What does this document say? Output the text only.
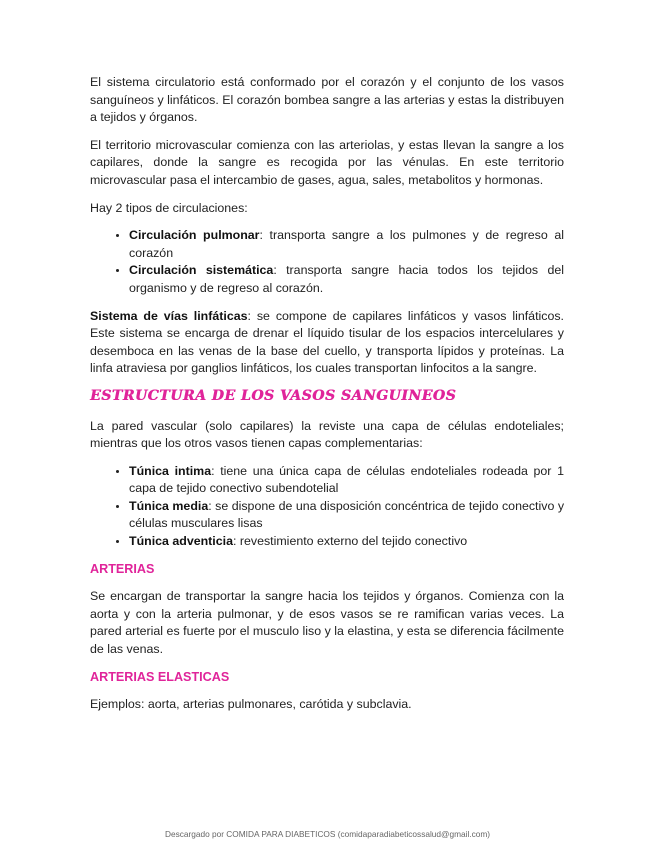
El sistema circulatorio está conformado por el corazón y el conjunto de los vasos sanguíneos y linfáticos. El corazón bombea sangre a las arterias y estas la distribuyen a tejidos y órganos.

El territorio microvascular comienza con las arteriolas, y estas llevan la sangre a los capilares, donde la sangre es recogida por las vénulas. En este territorio microvascular pasa el intercambio de gases, agua, sales, metabolitos y hormonas.

Hay 2 tipos de circulaciones:

• Circulación pulmonar: transporta sangre a los pulmones y de regreso al corazón
• Circulación sistemática: transporta sangre hacia todos los tejidos del organismo y de regreso al corazón.

Sistema de vías linfáticas: se compone de capilares linfáticos y vasos linfáticos. Este sistema se encarga de drenar el líquido tisular de los espacios intercelulares y desemboca en las venas de la base del cuello, y transporta lípidos y proteínas. La linfa atraviesa por ganglios linfáticos, los cuales transportan linfocitos a la sangre.

ESTRUCTURA DE LOS VASOS SANGUINEOS

La pared vascular (solo capilares) la reviste una capa de células endoteliales; mientras que los otros vasos tienen capas complementarias:

• Túnica intima: tiene una única capa de células endoteliales rodeada por 1 capa de tejido conectivo subendotelial
• Túnica media: se dispone de una disposición concéntrica de tejido conectivo y células musculares lisas
• Túnica adventicia: revestimiento externo del tejido conectivo
ARTERIAS

Se encargan de transportar la sangre hacia los tejidos y órganos. Comienza con la aorta y con la arteria pulmonar, y de esos vasos se re ramifican varias veces. La pared arterial es fuerte por el musculo liso y la elastina, y esta se diferencia fácilmente de las venas.

ARTERIAS ELASTICAS

Ejemplos: aorta, arterias pulmonares, carótida y subclavia.

Descargado por COMIDA PARA DIABETICOS (comidaparadiabeticossalud@gmail.com)
